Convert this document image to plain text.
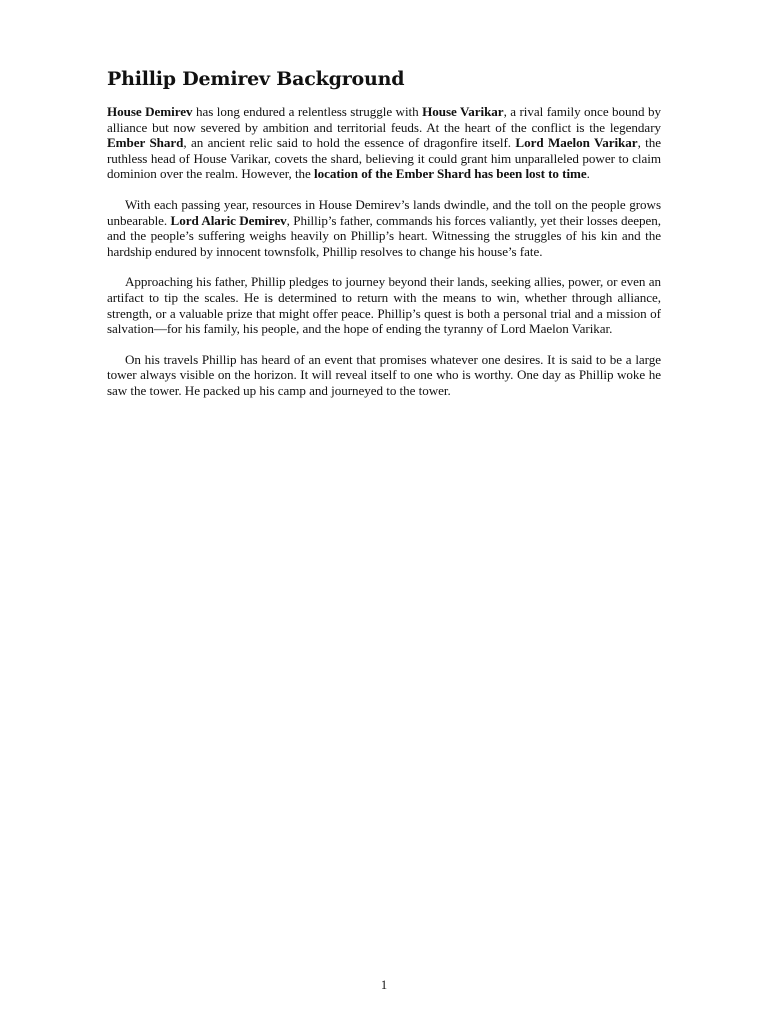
Phillip Demirev Background

House Demirev has long endured a relentless struggle with House Varikar, a rival family once bound by alliance but now severed by ambition and territorial feuds. At the heart of the conflict is the legendary Ember Shard, an ancient relic said to hold the essence of dragonfire itself. Lord Maelon Varikar, the ruthless head of House Varikar, covets the shard, believing it could grant him unparalleled power to claim dominion over the realm. However, the location of the Ember Shard has been lost to time.

With each passing year, resources in House Demirev’s lands dwindle, and the toll on the people grows unbearable. Lord Alaric Demirev, Phillip’s father, commands his forces valiantly, yet their losses deepen, and the people’s suffering weighs heavily on Phillip’s heart. Witnessing the struggles of his kin and the hardship endured by innocent townsfolk, Phillip resolves to change his house’s fate.

Approaching his father, Phillip pledges to journey beyond their lands, seeking allies, power, or even an artifact to tip the scales. He is determined to return with the means to win, whether through alliance, strength, or a valuable prize that might offer peace. Phillip’s quest is both a personal trial and a mission of salvation—for his family, his people, and the hope of ending the tyranny of Lord Maelon Varikar.

On his travels Phillip has heard of an event that promises whatever one desires. It is said to be a large tower always visible on the horizon. It will reveal itself to one who is worthy. One day as Phillip woke he saw the tower. He packed up his camp and journeyed to the tower.

1
